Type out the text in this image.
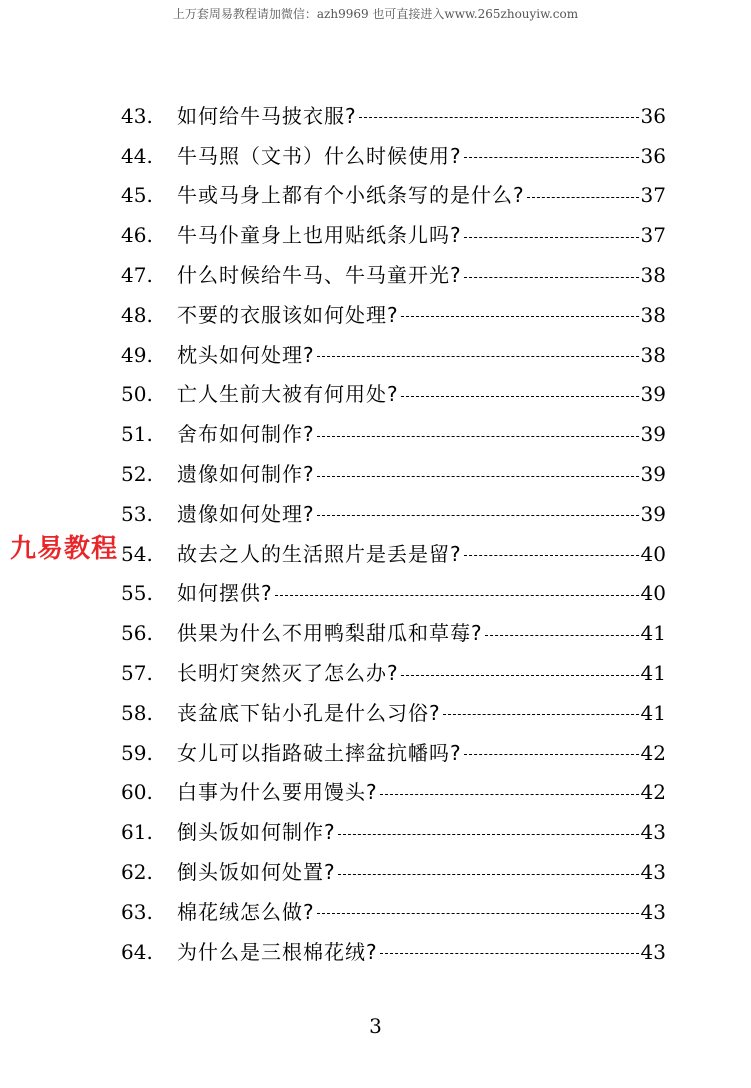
上万套周易教程请加微信：azh9969 也可直接进入www.265zhouyiw.com
43.	如何给牛马披衣服?	36
44.	牛马照（文书）什么时候使用?	36
45.	牛或马身上都有个小纸条写的是什么?	37
46.	牛马仆童身上也用贴纸条儿吗?	37
47.	什么时候给牛马、牛马童开光?	38
48.	不要的衣服该如何处理?	38
49.	枕头如何处理?	38
50.	亡人生前大被有何用处?	39
51.	舍布如何制作?	39
52.	遗像如何制作?	39
53.	遗像如何处理?	39
54.	故去之人的生活照片是丢是留?	40
55.	如何摆供?	40
56.	供果为什么不用鸭梨甜瓜和草莓?	41
57.	长明灯突然灭了怎么办?	41
58.	丧盆底下钻小孔是什么习俗?	41
59.	女儿可以指路破土摔盆抗幡吗?	42
60.	白事为什么要用馒头?	42
61.	倒头饭如何制作?	43
62.	倒头饭如何处置?	43
63.	棉花绒怎么做?	43
64.	为什么是三根棉花绒?	43
九易教程
3
